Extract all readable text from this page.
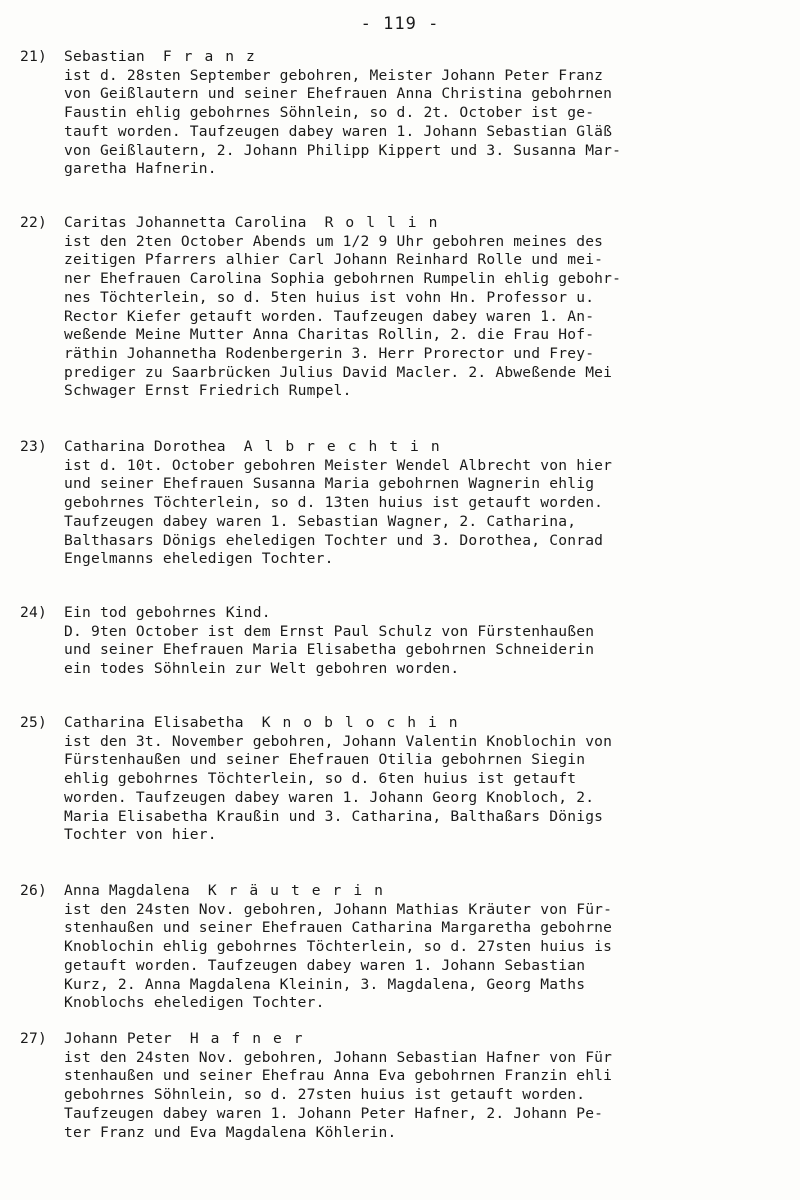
- 119 -
21)	Sebastian Franz
ist d. 28sten September gebohren, Meister Johann Peter Franz
von Geißlautern und seiner Ehefrauen Anna Christina gebohrnen
Faustin ehlig gebohrnes Söhnlein, so d. 2t. October ist ge-
tauft worden. Taufzeugen dabey waren 1. Johann Sebastian Gläß
von Geißlautern, 2. Johann Philipp Kippert und 3. Susanna Mar-
garetha Hafnerin.
22)	Caritas Johannetta Carolina Rollin
ist den 2ten October Abends um 1/2 9 Uhr gebohren meines des
zeitigen Pfarrers alhier Carl Johann Reinhard Rolle und mei-
ner Ehefrauen Carolina Sophia gebohrnen Rumpelin ehlig gebohr-
nes Töchterlein, so d. 5ten huius ist vohn Hn. Professor u.
Rector Kiefer getauft worden. Taufzeugen dabey waren 1. An-
weßende Meine Mutter Anna Charitas Rollin, 2. die Frau Hof-
räthin Johannetha Rodenbergerin 3. Herr Prorector und Frey-
prediger zu Saarbrücken Julius David Macler. 2. Abweßende Mei
Schwager Ernst Friedrich Rumpel.
23)	Catharina Dorothea Albrechtin
ist d. 10t. October gebohren Meister Wendel Albrecht von hier
und seiner Ehefrauen Susanna Maria gebohrnen Wagnerin ehlig
gebohrnes Töchterlein, so d. 13ten huius ist getauft worden.
Taufzeugen dabey waren 1. Sebastian Wagner, 2. Catharina,
Balthasars Dönigs eheledigen Tochter und 3. Dorothea, Conrad
Engelmanns eheledigen Tochter.
24)	Ein tod gebohrnes Kind.
D. 9ten October ist dem Ernst Paul Schulz von Fürstenhaußen
und seiner Ehefrauen Maria Elisabetha gebohrnen Schneiderin
ein todes Söhnlein zur Welt gebohren worden.
25)	Catharina Elisabetha Knoblochin
ist den 3t. November gebohren, Johann Valentin Knoblochin von
Fürstenhaußen und seiner Ehefrauen Otilia gebohrnen Siegin
ehlig gebohrnes Töchterlein, so d. 6ten huius ist getauft
worden. Taufzeugen dabey waren 1. Johann Georg Knobloch, 2.
Maria Elisabetha Kraußin und 3. Catharina, Balthaßars Dönigs
Tochter von hier.
26)	Anna Magdalena Kräuterin
ist den 24sten Nov. gebohren, Johann Mathias Kräuter von Für-
stenhaußen und seiner Ehefrauen Catharina Margaretha gebohrne
Knoblochin ehlig gebohrnes Töchterlein, so d. 27sten huius is
getauft worden. Taufzeugen dabey waren 1. Johann Sebastian
Kurz, 2. Anna Magdalena Kleinin, 3. Magdalena, Georg Maths
Knoblochs eheledigen Tochter.
27)	Johann Peter Hafner
ist den 24sten Nov. gebohren, Johann Sebastian Hafner von Für
stenhaußen und seiner Ehefrau Anna Eva gebohrnen Franzin ehli
gebohrnes Söhnlein, so d. 27sten huius ist getauft worden.
Taufzeugen dabey waren 1. Johann Peter Hafner, 2. Johann Pe-
ter Franz und Eva Magdalena Köhlerin.
